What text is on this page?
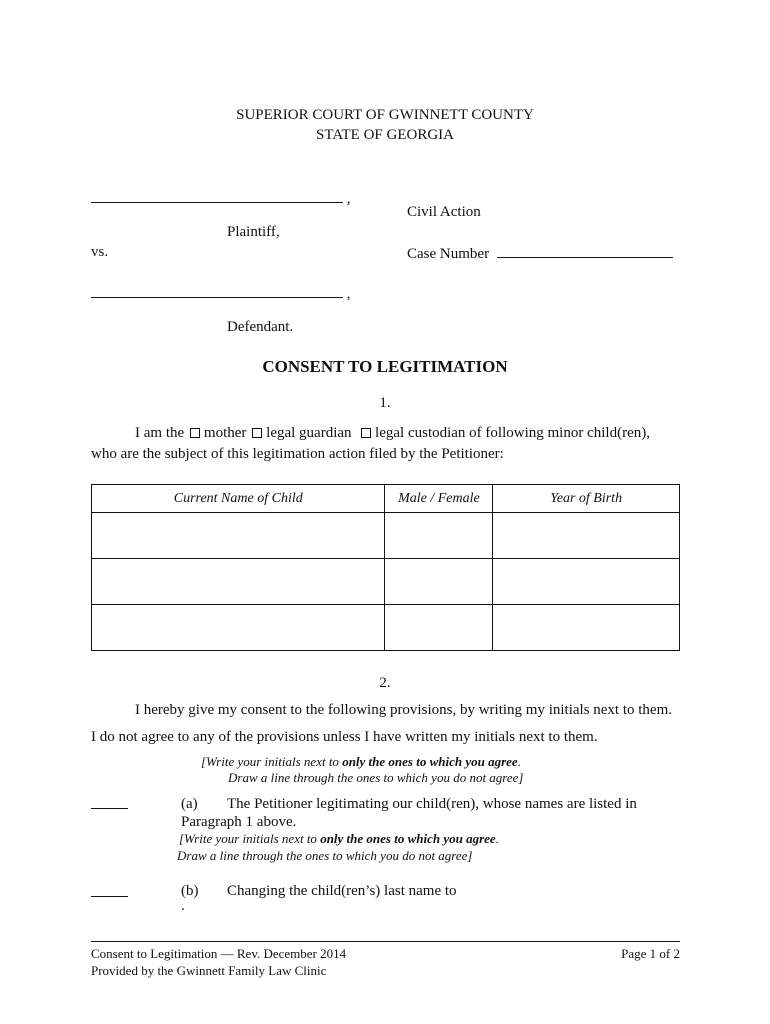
SUPERIOR COURT OF GWINNETT COUNTY
STATE OF GEORGIA
,
Plaintiff,
vs.
Civil Action
Case Number
,
Defendant.
CONSENT TO LEGITIMATION
1.
I am the mother legal guardian legal custodian of following minor child(ren),
who are the subject of this legitimation action filed by the Petitioner:
Current Name of Child	Male / Female	Year of Birth

2.
I hereby give my consent to the following provisions, by writing my initials next to them.
I do not agree to any of the provisions unless I have written my initials next to them.
[Write your initials next to only the ones to which you agree.
Draw a line through the ones to which you do not agree]
(a) The Petitioner legitimating our child(ren), whose names are listed in
Paragraph 1 above.
[Write your initials next to only the ones to which you agree.
Draw a line through the ones to which you do not agree]
(b) Changing the child(ren’s) last name to
.
Consent to Legitimation — Rev. December 2014
Provided by the Gwinnett Family Law Clinic
Page 1 of 2
